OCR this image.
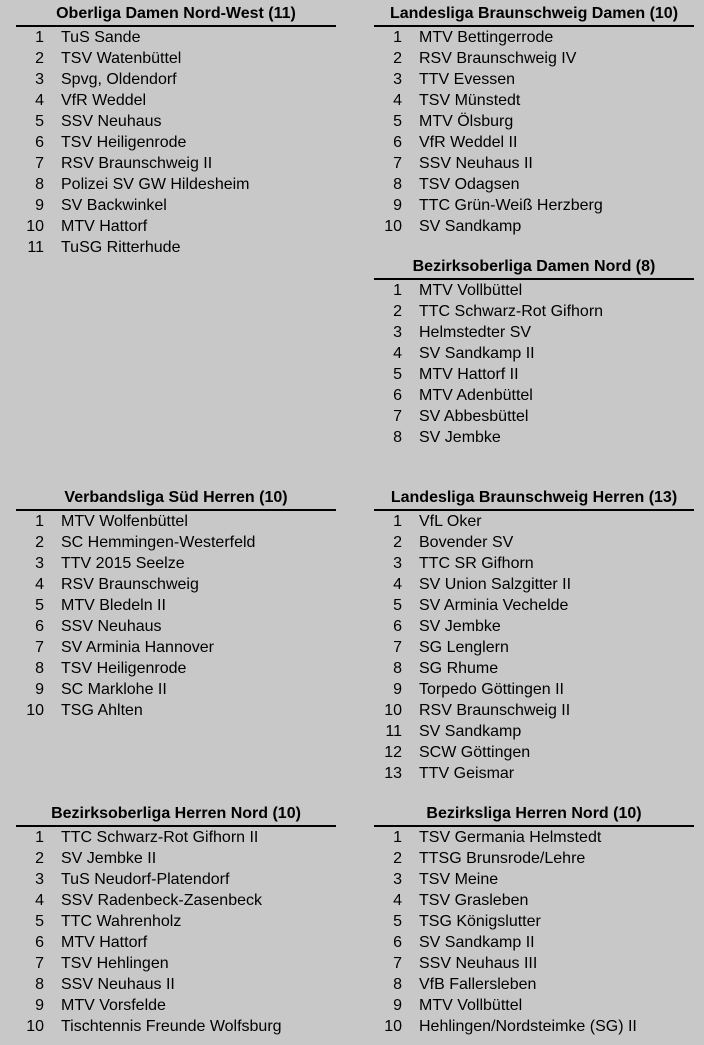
Oberliga Damen Nord-West (11)
1	TuS Sande
2	TSV Watenbüttel
3	Spvg, Oldendorf
4	VfR Weddel
5	SSV Neuhaus
6	TSV Heiligenrode
7	RSV Braunschweig II
8	Polizei SV GW Hildesheim
9	SV Backwinkel
10	MTV Hattorf
11	TuSG Ritterhude
Landesliga Braunschweig Damen (10)
1	MTV Bettingerrode
2	RSV Braunschweig IV
3	TTV Evessen
4	TSV Münstedt
5	MTV Ölsburg
6	VfR Weddel II
7	SSV Neuhaus II
8	TSV Odagsen
9	TTC Grün-Weiß Herzberg
10	SV Sandkamp
Bezirksoberliga Damen Nord (8)
1	MTV Vollbüttel
2	TTC Schwarz-Rot Gifhorn
3	Helmstedter SV
4	SV Sandkamp II
5	MTV Hattorf II
6	MTV Adenbüttel
7	SV Abbesbüttel
8	SV Jembke
Verbandsliga Süd Herren (10)
1	MTV Wolfenbüttel
2	SC Hemmingen-Westerfeld
3	TTV 2015 Seelze
4	RSV Braunschweig
5	MTV Bledeln II
6	SSV Neuhaus
7	SV Arminia Hannover
8	TSV Heiligenrode
9	SC Marklohe II
10	TSG Ahlten
Landesliga Braunschweig Herren (13)
1	VfL Oker
2	Bovender SV
3	TTC SR Gifhorn
4	SV Union Salzgitter II
5	SV Arminia Vechelde
6	SV Jembke
7	SG Lenglern
8	SG Rhume
9	Torpedo Göttingen II
10	RSV Braunschweig II
11	SV Sandkamp
12	SCW Göttingen
13	TTV Geismar
Bezirksoberliga Herren Nord (10)
1	TTC Schwarz-Rot Gifhorn II
2	SV Jembke II
3	TuS Neudorf-Platendorf
4	SSV Radenbeck-Zasenbeck
5	TTC Wahrenholz
6	MTV Hattorf
7	TSV Hehlingen
8	SSV Neuhaus II
9	MTV Vorsfelde
10	Tischtennis Freunde Wolfsburg
Bezirksliga Herren Nord (10)
1	TSV Germania Helmstedt
2	TTSG Brunsrode/Lehre
3	TSV Meine
4	TSV Grasleben
5	TSG Königslutter
6	SV Sandkamp II
7	SSV Neuhaus III
8	VfB Fallersleben
9	MTV Vollbüttel
10	Hehlingen/Nordsteimke (SG) II
